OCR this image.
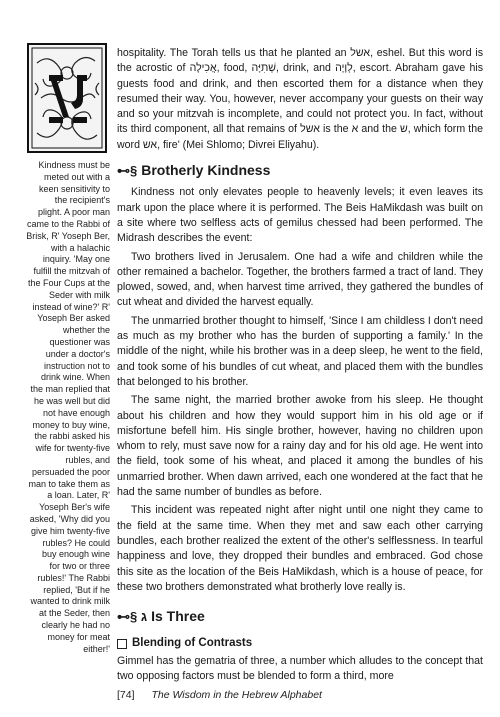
Kindness must be
meted out with a
keen sensitivity to
the recipient's
plight. A poor man
came to the Rabbi of
Brisk, R' Yoseph Ber,
with a halachic
inquiry. 'May one
fulfill the mitzvah of
the Four Cups at the
Seder with milk
instead of wine?' R'
Yoseph Ber asked
whether the
questioner was
under a doctor's
instruction not to
drink wine. When
the man replied that
he was well but did
not have enough
money to buy wine,
the rabbi asked his
wife for twenty-five
rubles, and
persuaded the poor
man to take them as
a loan. Later, R'
Yoseph Ber's wife
asked, 'Why did you
give him twenty-five
rubles? He could
buy enough wine
for two or three
rubles!' The Rabbi
replied, 'But if he
wanted to drink milk
at the Seder, then
clearly he had no
money for meat
either!'

hospitality. The Torah tells us that he planted an אשל, eshel. But this word is the acrostic of אֲכִילָה, food, שְׁתִיָּה, drink, and לְוָיָה, escort. Abraham gave his guests food and drink, and then escorted them for a distance when they resumed their way. You, however, never accompany your guests on their way and so your mitzvah is incomplete, and could not protect you. In fact, without its third component, all that remains of אשל is the א and the ש, which form the word אש, fire' (Mei Shlomo; Divrei Eliyahu).

⊷§ Brotherly Kindness

Kindness not only elevates people to heavenly levels; it even leaves its mark upon the place where it is performed. The Beis HaMikdash was built on a site where two selfless acts of gemilus chessed had been performed. The Midrash describes the event:

Two brothers lived in Jerusalem. One had a wife and children while the other remained a bachelor. Together, the brothers farmed a tract of land. They plowed, sowed, and, when harvest time arrived, they gathered the bundles of cut wheat and divided the harvest equally.

The unmarried brother thought to himself, 'Since I am childless I don't need as much as my brother who has the burden of supporting a family.' In the middle of the night, while his brother was in a deep sleep, he went to the field, and took some of his bundles of cut wheat, and placed them with the bundles that belonged to his brother.

The same night, the married brother awoke from his sleep. He thought about his children and how they would support him in his old age or if misfortune befell him. His single brother, however, having no children upon whom to rely, must save now for a rainy day and for his old age. He went into the field, took some of his wheat, and placed it among the bundles of his unmarried brother. When dawn arrived, each one wondered at the fact that he had the same number of bundles as before.

This incident was repeated night after night until one night they came to the field at the same time. When they met and saw each other carrying bundles, each brother realized the extent of the other's selflessness. In tearful happiness and love, they dropped their bundles and embraced. God chose this site as the location of the Beis HaMikdash, which is a house of peace, for these two brothers demonstrated what brotherly love really is.

⊷§ ג Is Three
Blending of Contrasts

Gimmel has the gematria of three, a number which alludes to the concept that two opposing factors must be blended to form a third, more

[74] The Wisdom in the Hebrew Alphabet
